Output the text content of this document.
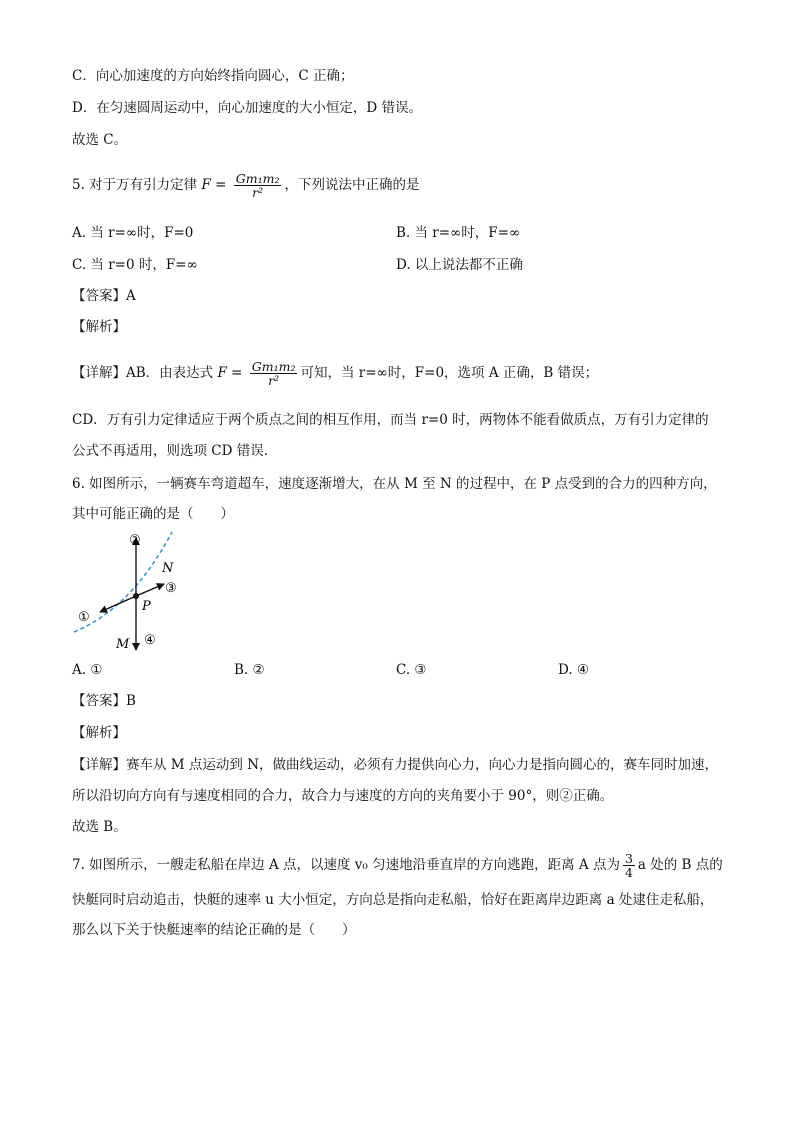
C．向心加速度的方向始终指向圆心，C 正确；
D．在匀速圆周运动中，向心加速度的大小恒定，D 错误。
故选 C。
5. 对于万有引力定律 $F = \frac{\text{Gm₁m₂}}{\text{r²}}$ ，下列说法中正确的是
A. 当 r=∞时，F=0	B. 当 r=∞时，F=∞
C. 当 r=0 时，F=∞	D. 以上说法都不正确
【答案】A
【解析】
【详解】AB．由表达式 $F = \frac{\text{Gm₁m₂}}{\text{r²}}$ 可知，当 r=∞时，F=0，选项 A 正确，B 错误；
CD．万有引力定律适应于两个质点之间的相互作用，而当 r=0 时，两物体不能看做质点，万有引力定律的
公式不再适用，则选项 CD 错误.
6. 如图所示，一辆赛车弯道超车，速度逐渐增大，在从 M 至 N 的过程中，在 P 点受到的合力的四种方向，
其中可能正确的是（　　）
②
N
③
P
①
M ④
A. ①	B. ②	C. ③	D. ④
【答案】B
【解析】
【详解】赛车从 M 点运动到 N，做曲线运动，必须有力提供向心力，向心力是指向圆心的，赛车同时加速，
所以沿切向方向有与速度相同的合力，故合力与速度的方向的夹角要小于 90°，则②正确。
故选 B。
7. 如图所示，一艘走私船在岸边 A 点，以速度 v₀ 匀速地沿垂直岸的方向逃跑，距离 A 点为 $\frac{3}{4}$ a 处的 B 点的
快艇同时启动追击，快艇的速率 u 大小恒定，方向总是指向走私船，恰好在距离岸边距离 a 处逮住走私船，
那么以下关于快艇速率的结论正确的是（　　）
